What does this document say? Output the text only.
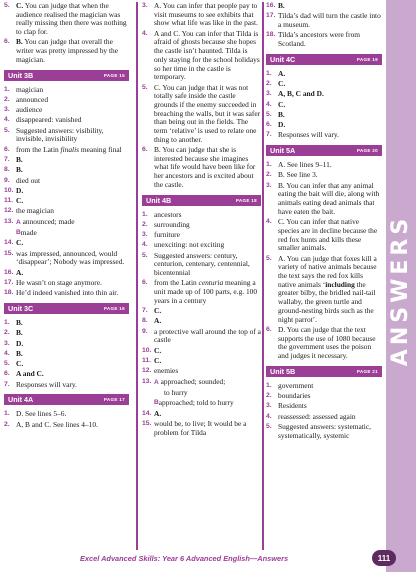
ANSWERS
5. C. You can judge that when the audience realised the magician was really missing then there was nothing to clap for.
6. B. You can judge that overall the writer was pretty impressed by the magician.
Unit 3B	PAGE 15
1. magician
2. announced
3. audience
4. disappeared: vanished
5. Suggested answers: visibility, invisible, invisibility
6. from the Latin finalis meaning final
7. B.
8. B.
9. died out
10. D.
11. C.
12. the magician
13. A announced; made
B made
14. C.
15. was impressed, announced, would ‘disappear’; Nobody was impressed.
16. A.
17. He wasn’t on stage anymore.
18. He’d indeed vanished into thin air.
Unit 3C	PAGE 16
1. B.
2. B.
3. D.
4. B.
5. C.
6. A and C.
7. Responses will vary.
Unit 4A	PAGE 17
1. D. See lines 5–6.
2. A, B and C. See lines 4–10.
3. A. You can infer that people pay to visit museums to see exhibits that show what life was like in the past.
4. A and C. You can infer that Tilda is afraid of ghosts because she hopes the castle isn’t haunted. Tilda is only staying for the school holidays so her time in the castle is temporary.
5. C. You can judge that it was not totally safe inside the castle grounds if the enemy succeeded in breaching the walls, but it was safer than being out in the fields. The term ‘relative’ is used to relate one thing to another.
6. B. You can judge that she is interested because she imagines what life would have been like for her ancestors and is excited about the castle.
Unit 4B	PAGE 18
1. ancestors
2. surrounding
3. furniture
4. unexciting: not exciting
5. Suggested answers: century, centurion, centenary, centennial, bicentennial
6. from the Latin centuria meaning a unit made up of 100 parts, e.g. 100 years in a century
7. C.
8. A.
9. a protective wall around the top of a castle
10. C.
11. C.
12. enemies
13. A approached; sounded;
to hurry
B approached; told to hurry
14. A.
15. would be, to live; It would be a problem for Tilda
16. B.
17. Tilda’s dad will turn the castle into a museum.
18. Tilda’s ancestors were from Scotland.
Unit 4C	PAGE 19
1. A.
2. C.
3. A, B, C and D.
4. C.
5. B.
6. D.
7. Responses will vary.
Unit 5A	PAGE 20
1. A. See lines 9–11.
2. B. See line 3.
3. B. You can infer that any animal eating the bait will die, along with animals eating dead animals that have eaten the bait.
4. C. You can infer that native species are in decline because the red fox hunts and kills these smaller animals.
5. A. You can judge that foxes kill a variety of native animals because the text says the red fox kills native animals ‘including the greater bilby, the bridled nail-tail wallaby, the green turtle and ground-nesting birds such as the night parrot’.
6. D. You can judge that the text supports the use of 1080 because the government uses the poison and judges it necessary.
Unit 5B	PAGE 21
1. government
2. boundaries
3. Residents
4. reassessed: assessed again
5. Suggested answers: systematic, systematically, systemic
Excel Advanced Skills: Year 6 Advanced English—Answers	111
